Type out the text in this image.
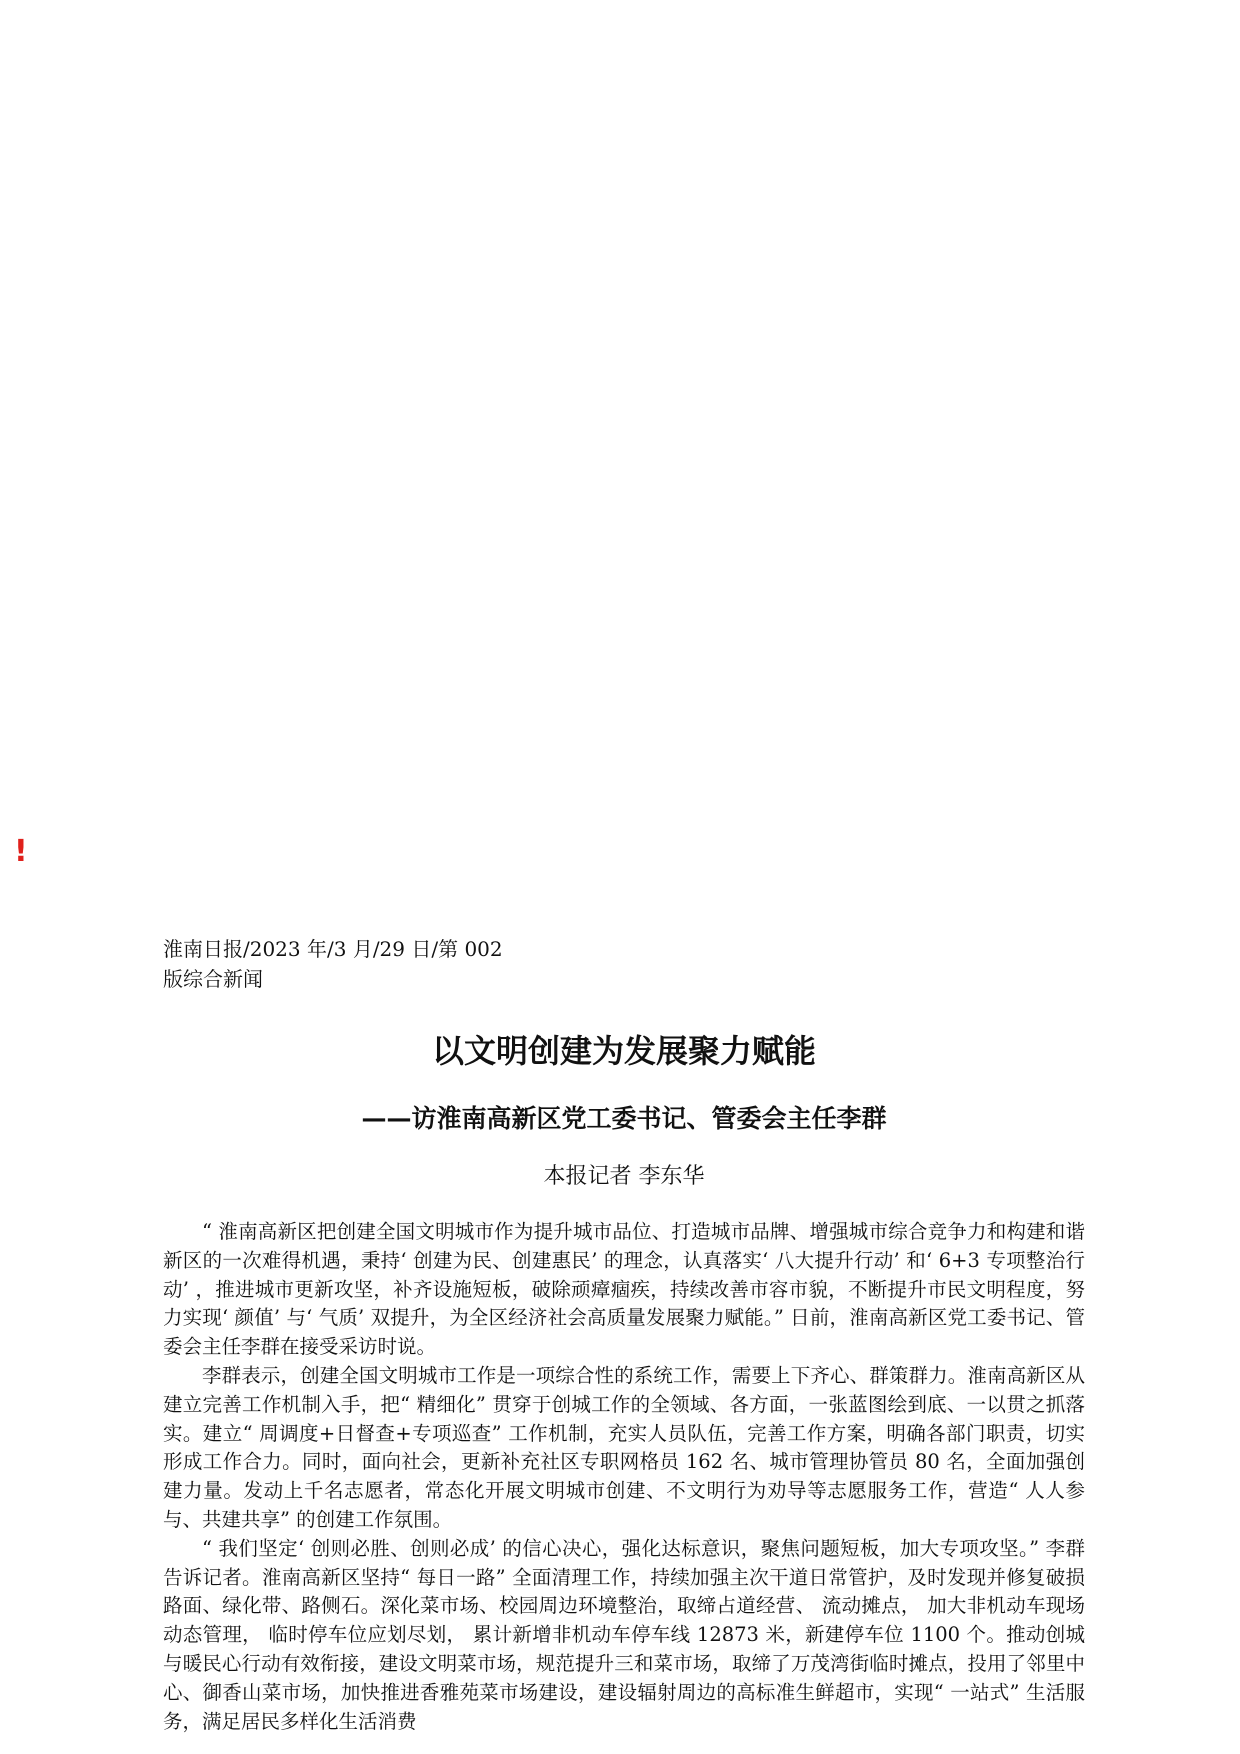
!
淮南日报/2023 年/3 月/29 日/第 002 版综合新闻
以文明创建为发展聚力赋能
——访淮南高新区党工委书记、管委会主任李群
本报记者 李东华

“ 淮南高新区把创建全国文明城市作为提升城市品位、打造城市品牌、增强城市综合竞争力和构建和谐新区的一次难得机遇，秉持‘ 创建为民、创建惠民’ 的理念，认真落实‘ 八大提升行动’ 和‘ 6+3 专项整治行动’ ，推进城市更新攻坚，补齐设施短板，破除顽瘴痼疾，持续改善市容市貌，不断提升市民文明程度，努力实现‘ 颜值’ 与‘ 气质’ 双提升，为全区经济社会高质量发展聚力赋能。” 日前，淮南高新区党工委书记、管委会主任李群在接受采访时说。

李群表示，创建全国文明城市工作是一项综合性的系统工作，需要上下齐心、群策群力。淮南高新区从建立完善工作机制入手，把“ 精细化” 贯穿于创城工作的全领域、各方面，一张蓝图绘到底、一以贯之抓落实。建立“ 周调度+日督查+专项巡查” 工作机制，充实人员队伍，完善工作方案，明确各部门职责，切实形成工作合力。同时，面向社会，更新补充社区专职网格员 162 名、城市管理协管员 80 名，全面加强创建力量。发动上千名志愿者，常态化开展文明城市创建、不文明行为劝导等志愿服务工作，营造“ 人人参与、共建共享” 的创建工作氛围。

“ 我们坚定‘ 创则必胜、创则必成’ 的信心决心，强化达标意识，聚焦问题短板，加大专项攻坚。” 李群告诉记者。淮南高新区坚持“ 每日一路” 全面清理工作，持续加强主次干道日常管护，及时发现并修复破损路面、绿化带、路侧石。深化菜市场、校园周边环境整治，取缔占道经营、 流动摊点， 加大非机动车现场动态管理， 临时停车位应划尽划， 累计新增非机动车停车线 12873 米，新建停车位 1100 个。推动创城与暖民心行动有效衔接，建设文明菜市场，规范提升三和菜市场，取缔了万茂湾街临时摊点，投用了邻里中心、御香山菜市场，加快推进香雅苑菜市场建设，建设辐射周边的高标准生鲜超市，实现“ 一站式” 生活服务，满足居民多样化生活消费
